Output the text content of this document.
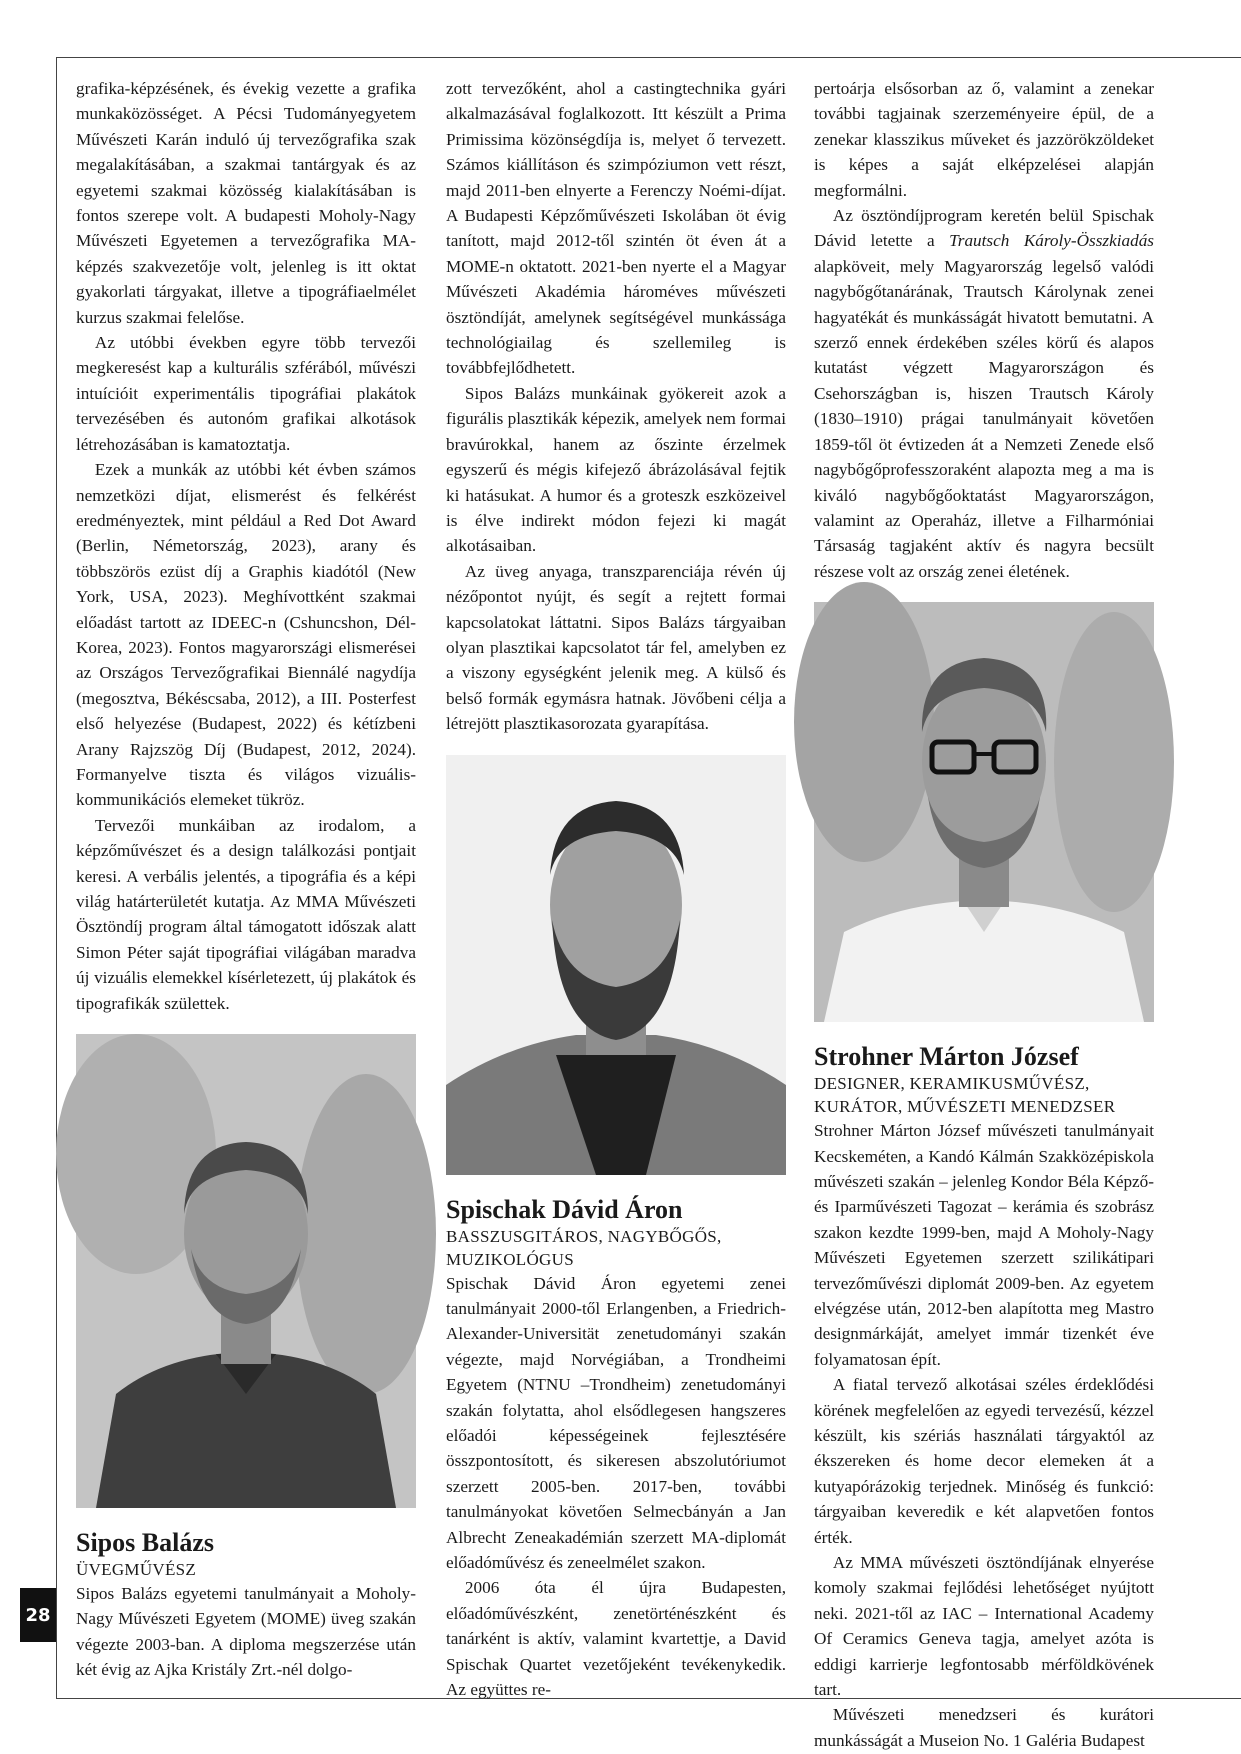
28

grafika-képzésének, és évekig vezette a grafika munkaközösséget. A Pécsi Tudományegyetem Művészeti Karán induló új tervezőgrafika szak megalakításában, a szakmai tantárgyak és az egyetemi szakmai közösség kialakításában is fontos szerepe volt. A budapesti Moholy-Nagy Művészeti Egyetemen a tervezőgrafika MA-képzés szakvezetője volt, jelenleg is itt oktat gyakorlati tárgyakat, illetve a tipográfiaelmélet kurzus szakmai felelőse.

Az utóbbi években egyre több tervezői megkeresést kap a kulturális szférából, művészi intuícióit experimentális tipográfiai plakátok tervezésében és autonóm grafikai alkotások létrehozásában is kamatoztatja.

Ezek a munkák az utóbbi két évben számos nemzetközi díjat, elismerést és felkérést eredményeztek, mint például a Red Dot Award (Berlin, Németország, 2023), arany és többszörös ezüst díj a Graphis kiadótól (New York, USA, 2023). Meghívottként szakmai előadást tartott az IDEEC-n (Cshuncshon, Dél-Korea, 2023). Fontos magyarországi elismerései az Országos Tervezőgrafikai Biennálé nagydíja (megosztva, Békéscsaba, 2012), a III. Posterfest első helyezése (Budapest, 2022) és kétízbeni Arany Rajzszög Díj (Budapest, 2012, 2024). Formanyelve tiszta és világos vizuális-kommunikációs elemeket tükröz.

Tervezői munkáiban az irodalom, a képzőművészet és a design találkozási pontjait keresi. A verbális jelentés, a tipográfia és a képi világ határterületét kutatja. Az MMA Művészeti Ösztöndíj program által támogatott időszak alatt Simon Péter saját tipográfiai világában maradva új vizuális elemekkel kísérletezett, új plakátok és tipografikák születtek.

Sipos Balázs
ÜVEGMŰVÉSZ

Sipos Balázs egyetemi tanulmányait a Moholy-Nagy Művészeti Egyetem (MOME) üveg szakán végezte 2003-ban. A diploma megszerzése után két évig az Ajka Kristály Zrt.-nél dolgo-

zott tervezőként, ahol a castingtechnika gyári alkalmazásával foglalkozott. Itt készült a Prima Primissima közönségdíja is, melyet ő tervezett. Számos kiállításon és szimpóziumon vett részt, majd 2011-ben elnyerte a Ferenczy Noémi-díjat. A Budapesti Képzőművészeti Iskolában öt évig tanított, majd 2012-től szintén öt éven át a MOME-n oktatott. 2021-ben nyerte el a Magyar Művészeti Akadémia hároméves művészeti ösztöndíját, amelynek segítségével munkássága technológiailag és szellemileg is továbbfejlődhetett.

Sipos Balázs munkáinak gyökereit azok a figurális plasztikák képezik, amelyek nem formai bravúrokkal, hanem az őszinte érzelmek egyszerű és mégis kifejező ábrázolásával fejtik ki hatásukat. A humor és a groteszk eszközeivel is élve indirekt módon fejezi ki magát alkotásaiban.

Az üveg anyaga, transzparenciája révén új nézőpontot nyújt, és segít a rejtett formai kapcsolatokat láttatni. Sipos Balázs tárgyaiban olyan plasztikai kapcsolatot tár fel, amelyben ez a viszony egységként jelenik meg. A külső és belső formák egymásra hatnak. Jövőbeni célja a létrejött plasztikasorozata gyarapítása.

Spischak Dávid Áron
BASSZUSGITÁROS, NAGYBŐGŐS, MUZIKOLÓGUS

Spischak Dávid Áron egyetemi zenei tanulmányait 2000-től Erlangenben, a Friedrich-Alexander-Universität zenetudományi szakán végezte, majd Norvégiában, a Trondheimi Egyetem (NTNU –Trondheim) zenetudományi szakán folytatta, ahol elsődlegesen hangszeres előadói képességeinek fejlesztésére összpontosított, és sikeresen abszolutóriumot szerzett 2005-ben. 2017-ben, további tanulmányokat követően Selmecbányán a Jan Albrecht Zeneakadémián szerzett MA-diplomát előadóművész és zeneelmélet szakon.

2006 óta él újra Budapesten, előadóművészként, zenetörténészként és tanárként is aktív, valamint kvartettje, a David Spischak Quartet vezetőjeként tevékenykedik. Az együttes re-

pertoárja elsősorban az ő, valamint a zenekar további tagjainak szerzeményeire épül, de a zenekar klasszikus műveket és jazzörökzöldeket is képes a saját elképzelései alapján megformálni.

Az ösztöndíjprogram keretén belül Spischak Dávid letette a Trautsch Károly-Összkiadás alapköveit, mely Magyarország legelső valódi nagybőgőtanárának, Trautsch Károlynak zenei hagyatékát és munkásságát hivatott bemutatni. A szerző ennek érdekében széles körű és alapos kutatást végzett Magyarországon és Csehországban is, hiszen Trautsch Károly (1830–1910) prágai tanulmányait követően 1859-től öt évtizeden át a Nemzeti Zenede első nagybőgőprofesszoraként alapozta meg a ma is kiváló nagybőgőoktatást Magyarországon, valamint az Operaház, illetve a Filharmóniai Társaság tagjaként aktív és nagyra becsült részese volt az ország zenei életének.

Strohner Márton József
DESIGNER, KERAMIKUSMŰVÉSZ, KURÁTOR, MŰVÉSZETI MENEDZSER

Strohner Márton József művészeti tanulmányait Kecskeméten, a Kandó Kálmán Szakközépiskola művészeti szakán – jelenleg Kondor Béla Képző- és Iparművészeti Tagozat – kerámia és szobrász szakon kezdte 1999-ben, majd A Moholy-Nagy Művészeti Egyetemen szerzett szilikátipari tervezőművészi diplomát 2009-ben. Az egyetem elvégzése után, 2012-ben alapította meg Mastro designmárkáját, amelyet immár tizenkét éve folyamatosan épít.

A fiatal tervező alkotásai széles érdeklődési körének megfelelően az egyedi tervezésű, kézzel készült, kis szériás használati tárgyaktól az ékszereken és home decor elemeken át a kutyapórázokig terjednek. Minőség és funkció: tárgyaiban keveredik e két alapvetően fontos érték.

Az MMA művészeti ösztöndíjának elnyerése komoly szakmai fejlődési lehetőséget nyújtott neki. 2021-től az IAC – International Academy Of Ceramics Geneva tagja, amelyet azóta is eddigi karrierje legfontosabb mérföldkövének tart.

Művészeti menedzseri és kurátori munkásságát a Museion No. 1 Galéria Budapest
